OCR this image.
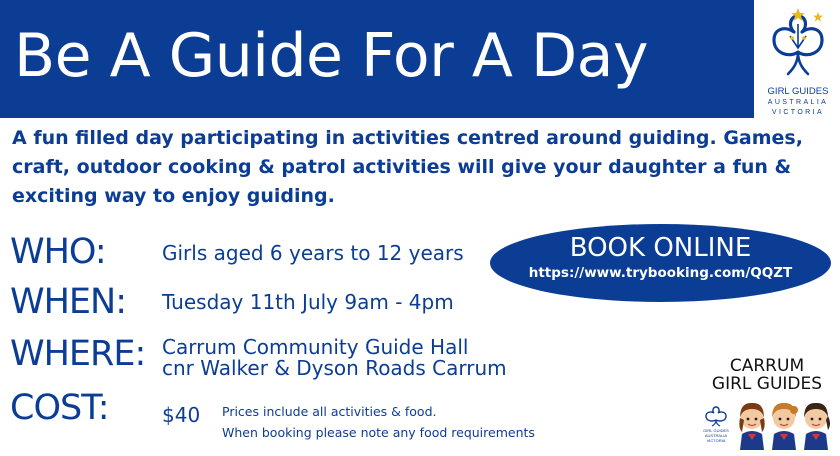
Be A Guide For A Day
GIRL GUIDES
AUSTRALIA
VICTORIA
A fun filled day participating in activities centred around guiding. Games, craft, outdoor cooking & patrol activities will give your daughter a fun & exciting way to enjoy guiding.
WHO:	Girls aged 6 years to 12 years
WHEN: Tuesday 11th July 9am - 4pm
WHERE: Carrum Community Guide Hall
cnr Walker & Dyson Roads Carrum
COST:	$40 Prices include all activities & food.
When booking please note any food requirements
BOOK ONLINE
https://www.trybooking.com/QQZT
CARRUM
GIRL GUIDES
GIRL GUIDES
AUSTRALIA
VICTORIA
